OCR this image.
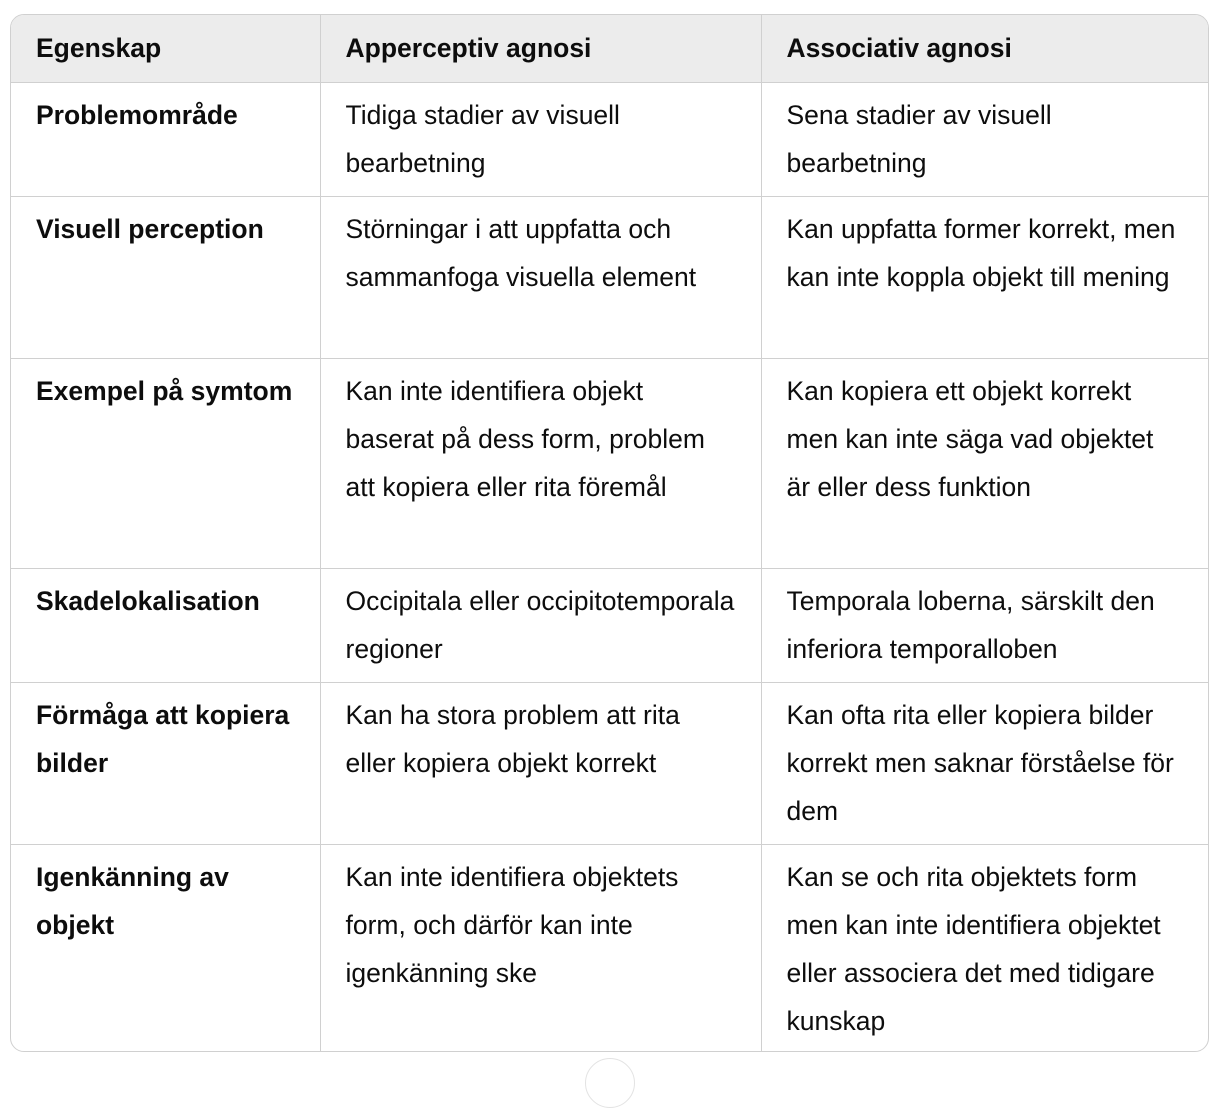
Egenskap	Apperceptiv agnosi	Associativ agnosi
Problemområde	Tidiga stadier av visuell bearbetning	Sena stadier av visuell bearbetning
Visuell perception	Störningar i att uppfatta och sammanfoga visuella element	Kan uppfatta former korrekt, men kan inte koppla objekt till mening
Exempel på symtom	Kan inte identifiera objekt baserat på dess form, problem att kopiera eller rita föremål	Kan kopiera ett objekt korrekt men kan inte säga vad objektet är eller dess funktion
Skadelokalisation	Occipitala eller occipitotemporala regioner	Temporala loberna, särskilt den inferiora temporalloben
Förmåga att kopiera bilder	Kan ha stora problem att rita eller kopiera objekt korrekt	Kan ofta rita eller kopiera bilder korrekt men saknar förståelse för dem
Igenkänning av objekt	Kan inte identifiera objektets form, och därför kan inte igenkänning ske	Kan se och rita objektets form men kan inte identifiera objektet eller associera det med tidigare kunskap
